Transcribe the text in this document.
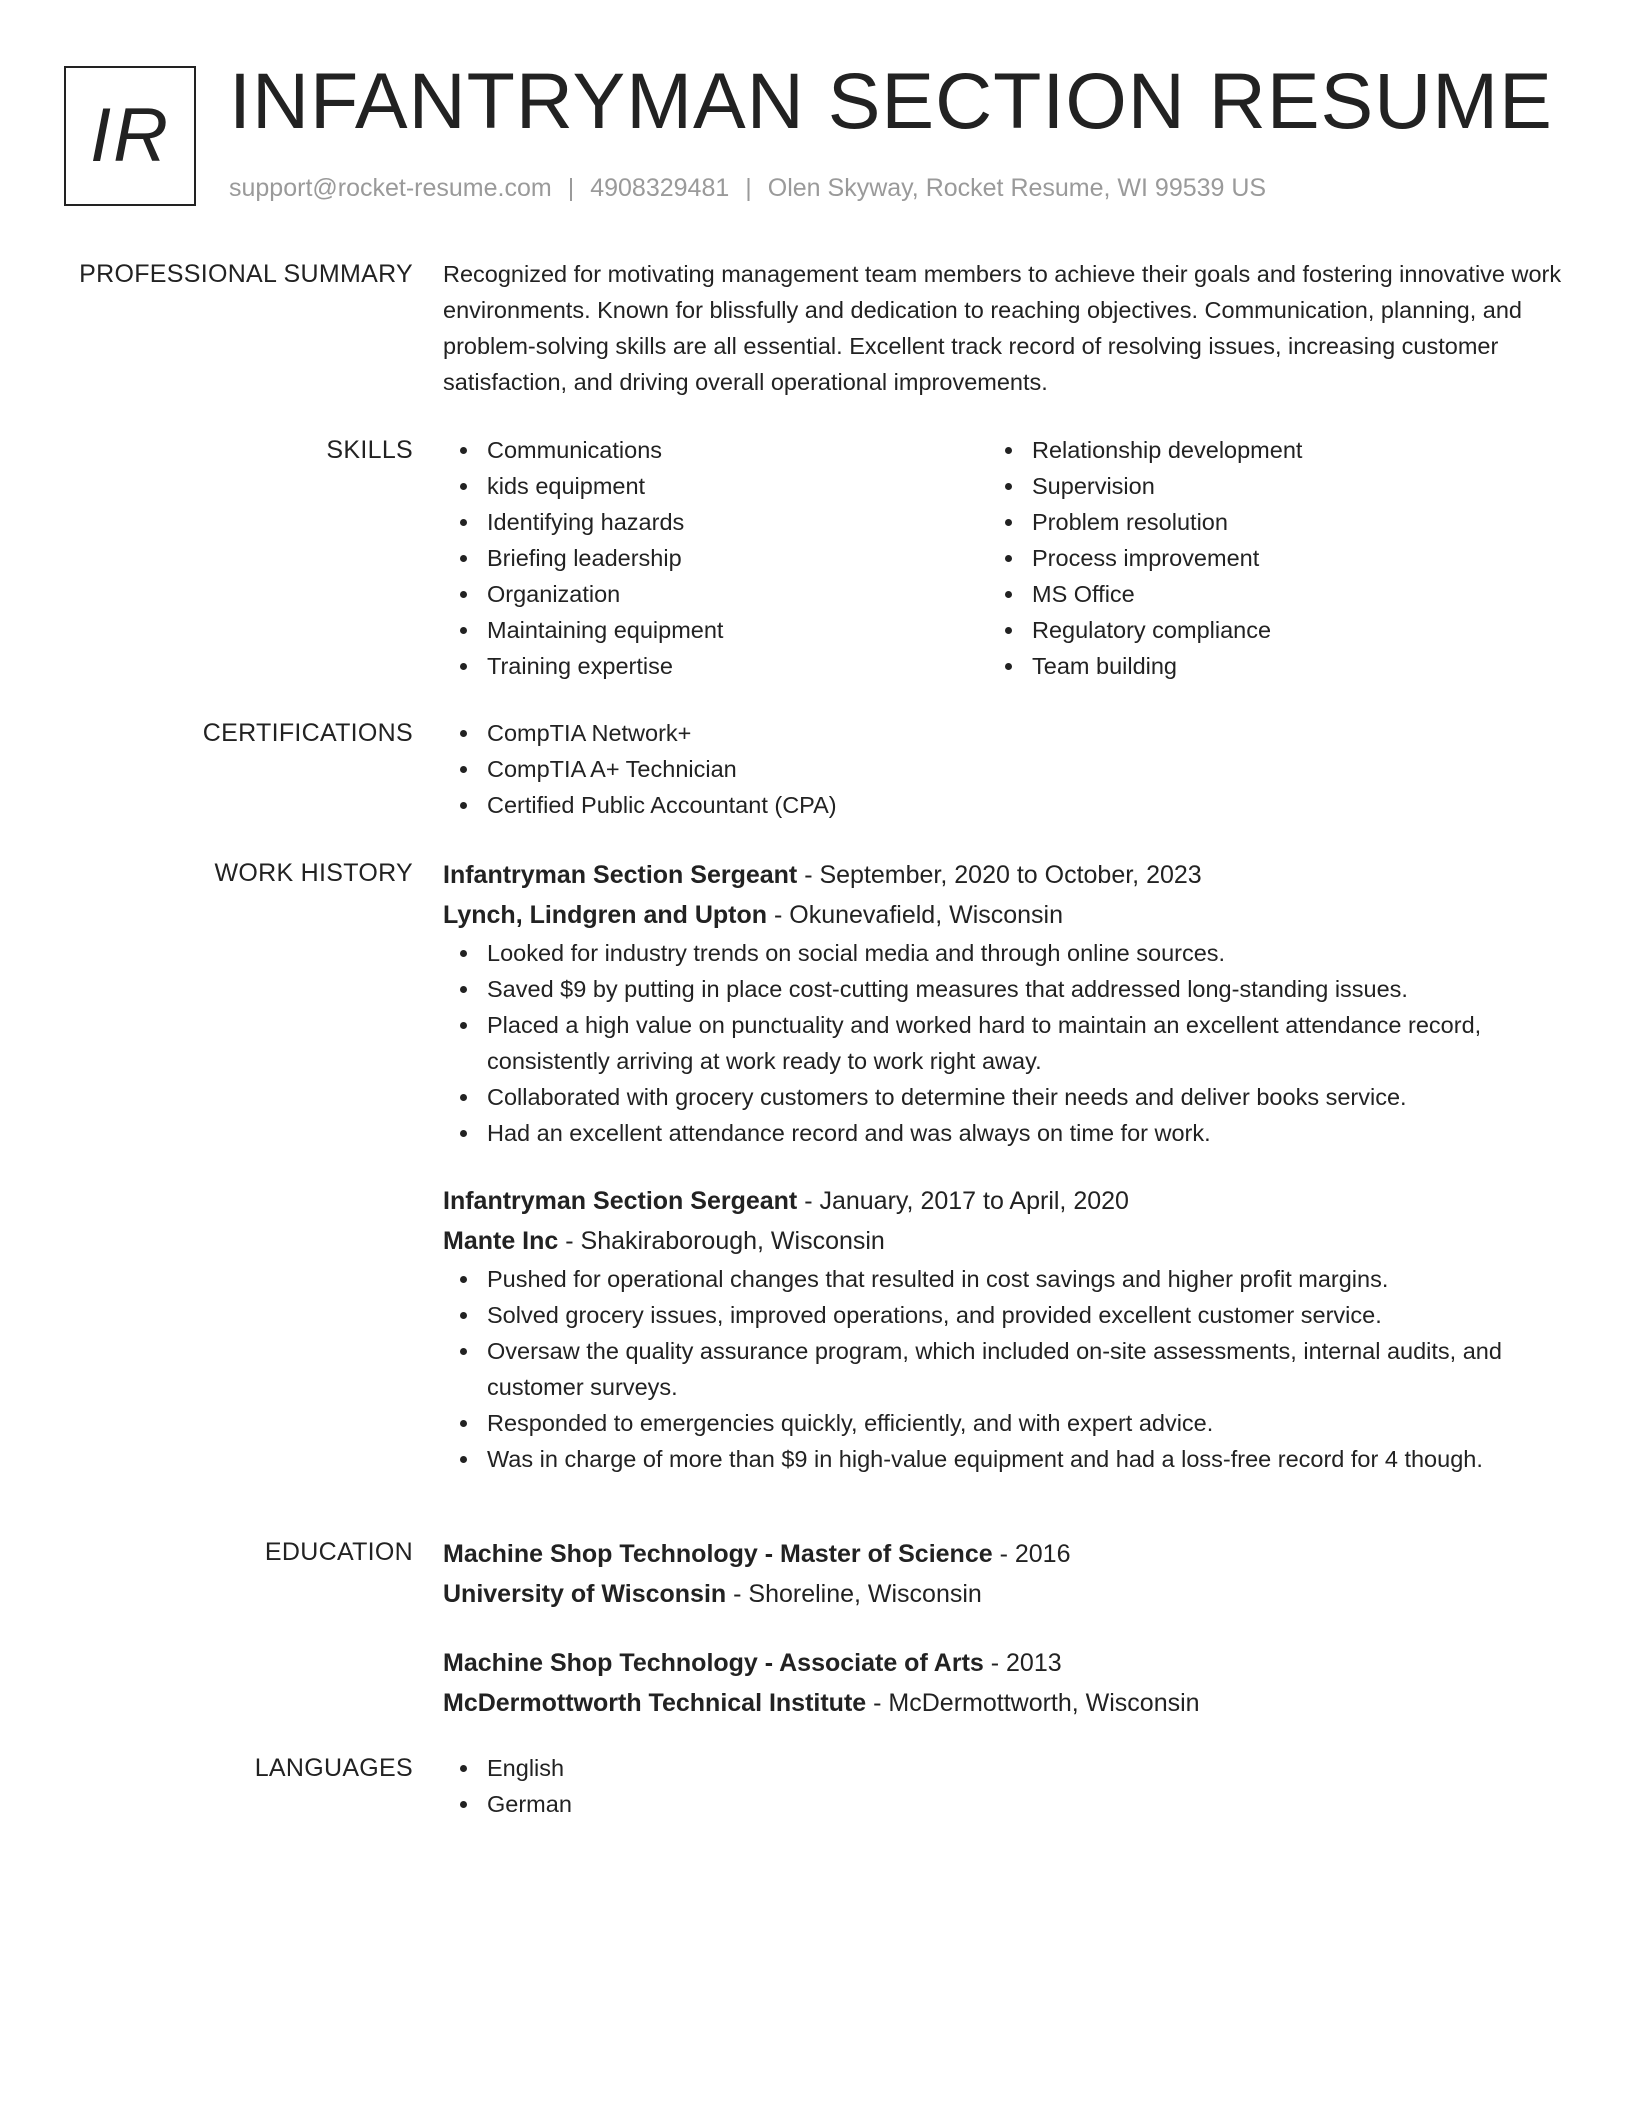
IR INFANTRYMAN SECTION RESUME
support@rocket-resume.com | 4908329481 | Olen Skyway, Rocket Resume, WI 99539 US
PROFESSIONAL SUMMARY Recognized for motivating management team members to achieve their goals and fostering innovative work environments. Known for blissfully and dedication to reaching objectives. Communication, planning, and problem-solving skills are all essential. Excellent track record of resolving issues, increasing customer satisfaction, and driving overall operational improvements.
SKILLS	Communications
kids equipment
Identifying hazards
Briefing leadership
Organization
Maintaining equipment
Training expertise
Relationship development
Supervision
Problem resolution
Process improvement
MS Office
Regulatory compliance
Team building
CERTIFICATIONS	CompTIA Network+
CompTIA A+ Technician
Certified Public Accountant (CPA)
WORK HISTORY Infantryman Section Sergeant - September, 2020 to October, 2023
Lynch, Lindgren and Upton - Okunevafield, Wisconsin
Looked for industry trends on social media and through online sources.
Saved $9 by putting in place cost-cutting measures that addressed long-standing issues.
Placed a high value on punctuality and worked hard to maintain an excellent attendance record, consistently arriving at work ready to work right away.
Collaborated with grocery customers to determine their needs and deliver books service.
Had an excellent attendance record and was always on time for work.
Infantryman Section Sergeant - January, 2017 to April, 2020
Mante Inc - Shakiraborough, Wisconsin
Pushed for operational changes that resulted in cost savings and higher profit margins.
Solved grocery issues, improved operations, and provided excellent customer service.
Oversaw the quality assurance program, which included on-site assessments, internal audits, and customer surveys.
Responded to emergencies quickly, efficiently, and with expert advice.
Was in charge of more than $9 in high-value equipment and had a loss-free record for 4 though.
EDUCATION Machine Shop Technology - Master of Science - 2016
University of Wisconsin - Shoreline, Wisconsin
Machine Shop Technology - Associate of Arts - 2013
McDermottworth Technical Institute - McDermottworth, Wisconsin
LANGUAGES	English
German
